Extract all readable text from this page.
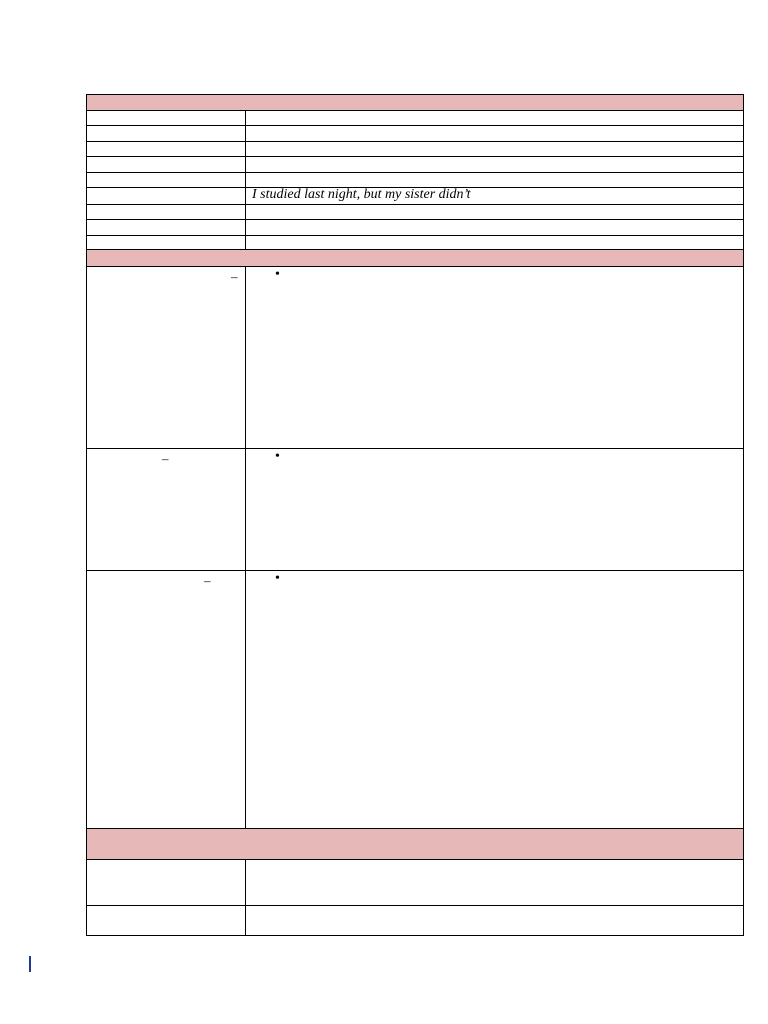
	I studied last night, but my sister didn’t

–	•

–	•

–	•
